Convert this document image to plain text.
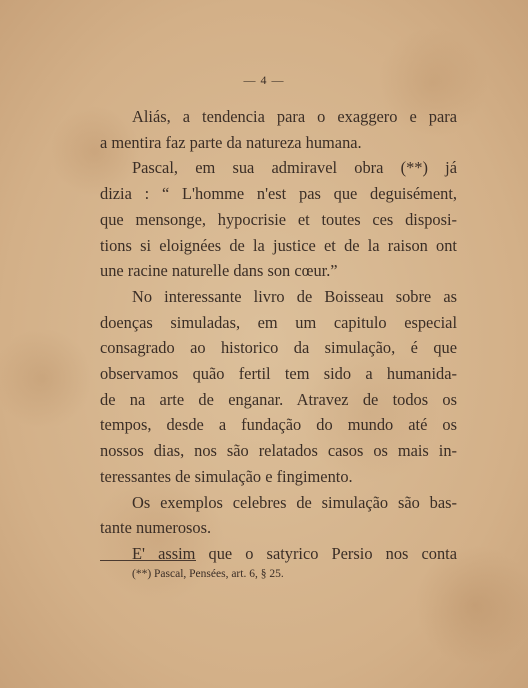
— 4 —
Aliás, a tendencia para o exaggero e para
a mentira faz parte da natureza humana.
Pascal, em sua admiravel obra (**) já
dizia : “ L'homme n'est pas que deguisément,
que mensonge, hypocrisie et toutes ces disposi-
tions si eloignées de la justice et de la raison ont
une racine naturelle dans son cœur.”
No interessante livro de Boisseau sobre as
doenças simuladas, em um capitulo especial
consagrado ao historico da simulação, é que
observamos quão fertil tem sido a humanida-
de na arte de enganar. Atravez de todos os
tempos, desde a fundação do mundo até os
nossos dias, nos são relatados casos os mais in-
teressantes de simulação e fingimento.
Os exemplos celebres de simulação são bas-
tante numerosos.
E' assim que o satyrico Persio nos conta
(**) Pascal, Pensées, art. 6, § 25.
